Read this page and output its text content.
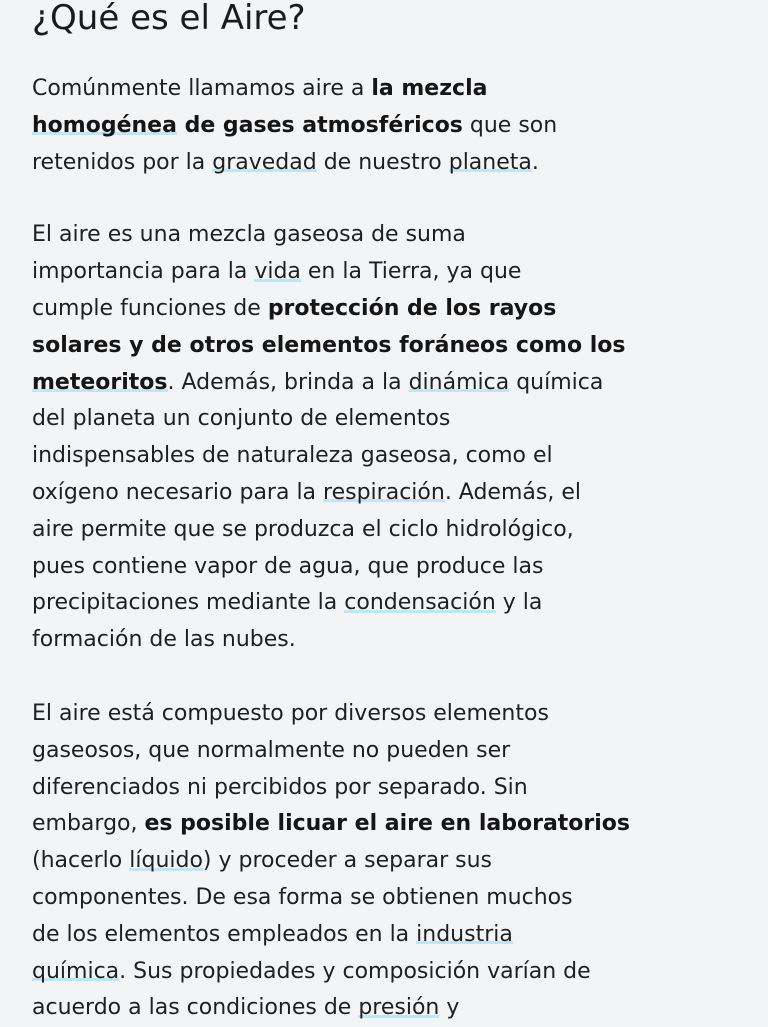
¿Qué es el Aire?

Comúnmente llamamos aire a la mezcla
homogénea de gases atmosféricos que son
retenidos por la gravedad de nuestro planeta.

El aire es una mezcla gaseosa de suma
importancia para la vida en la Tierra, ya que
cumple funciones de protección de los rayos
solares y de otros elementos foráneos como los
meteoritos. Además, brinda a la dinámica química
del planeta un conjunto de elementos
indispensables de naturaleza gaseosa, como el
oxígeno necesario para la respiración. Además, el
aire permite que se produzca el ciclo hidrológico,
pues contiene vapor de agua, que produce las
precipitaciones mediante la condensación y la
formación de las nubes.

El aire está compuesto por diversos elementos
gaseosos, que normalmente no pueden ser
diferenciados ni percibidos por separado. Sin
embargo, es posible licuar el aire en laboratorios
(hacerlo líquido) y proceder a separar sus
componentes. De esa forma se obtienen muchos
de los elementos empleados en la industria
química. Sus propiedades y composición varían de
acuerdo a las condiciones de presión y
